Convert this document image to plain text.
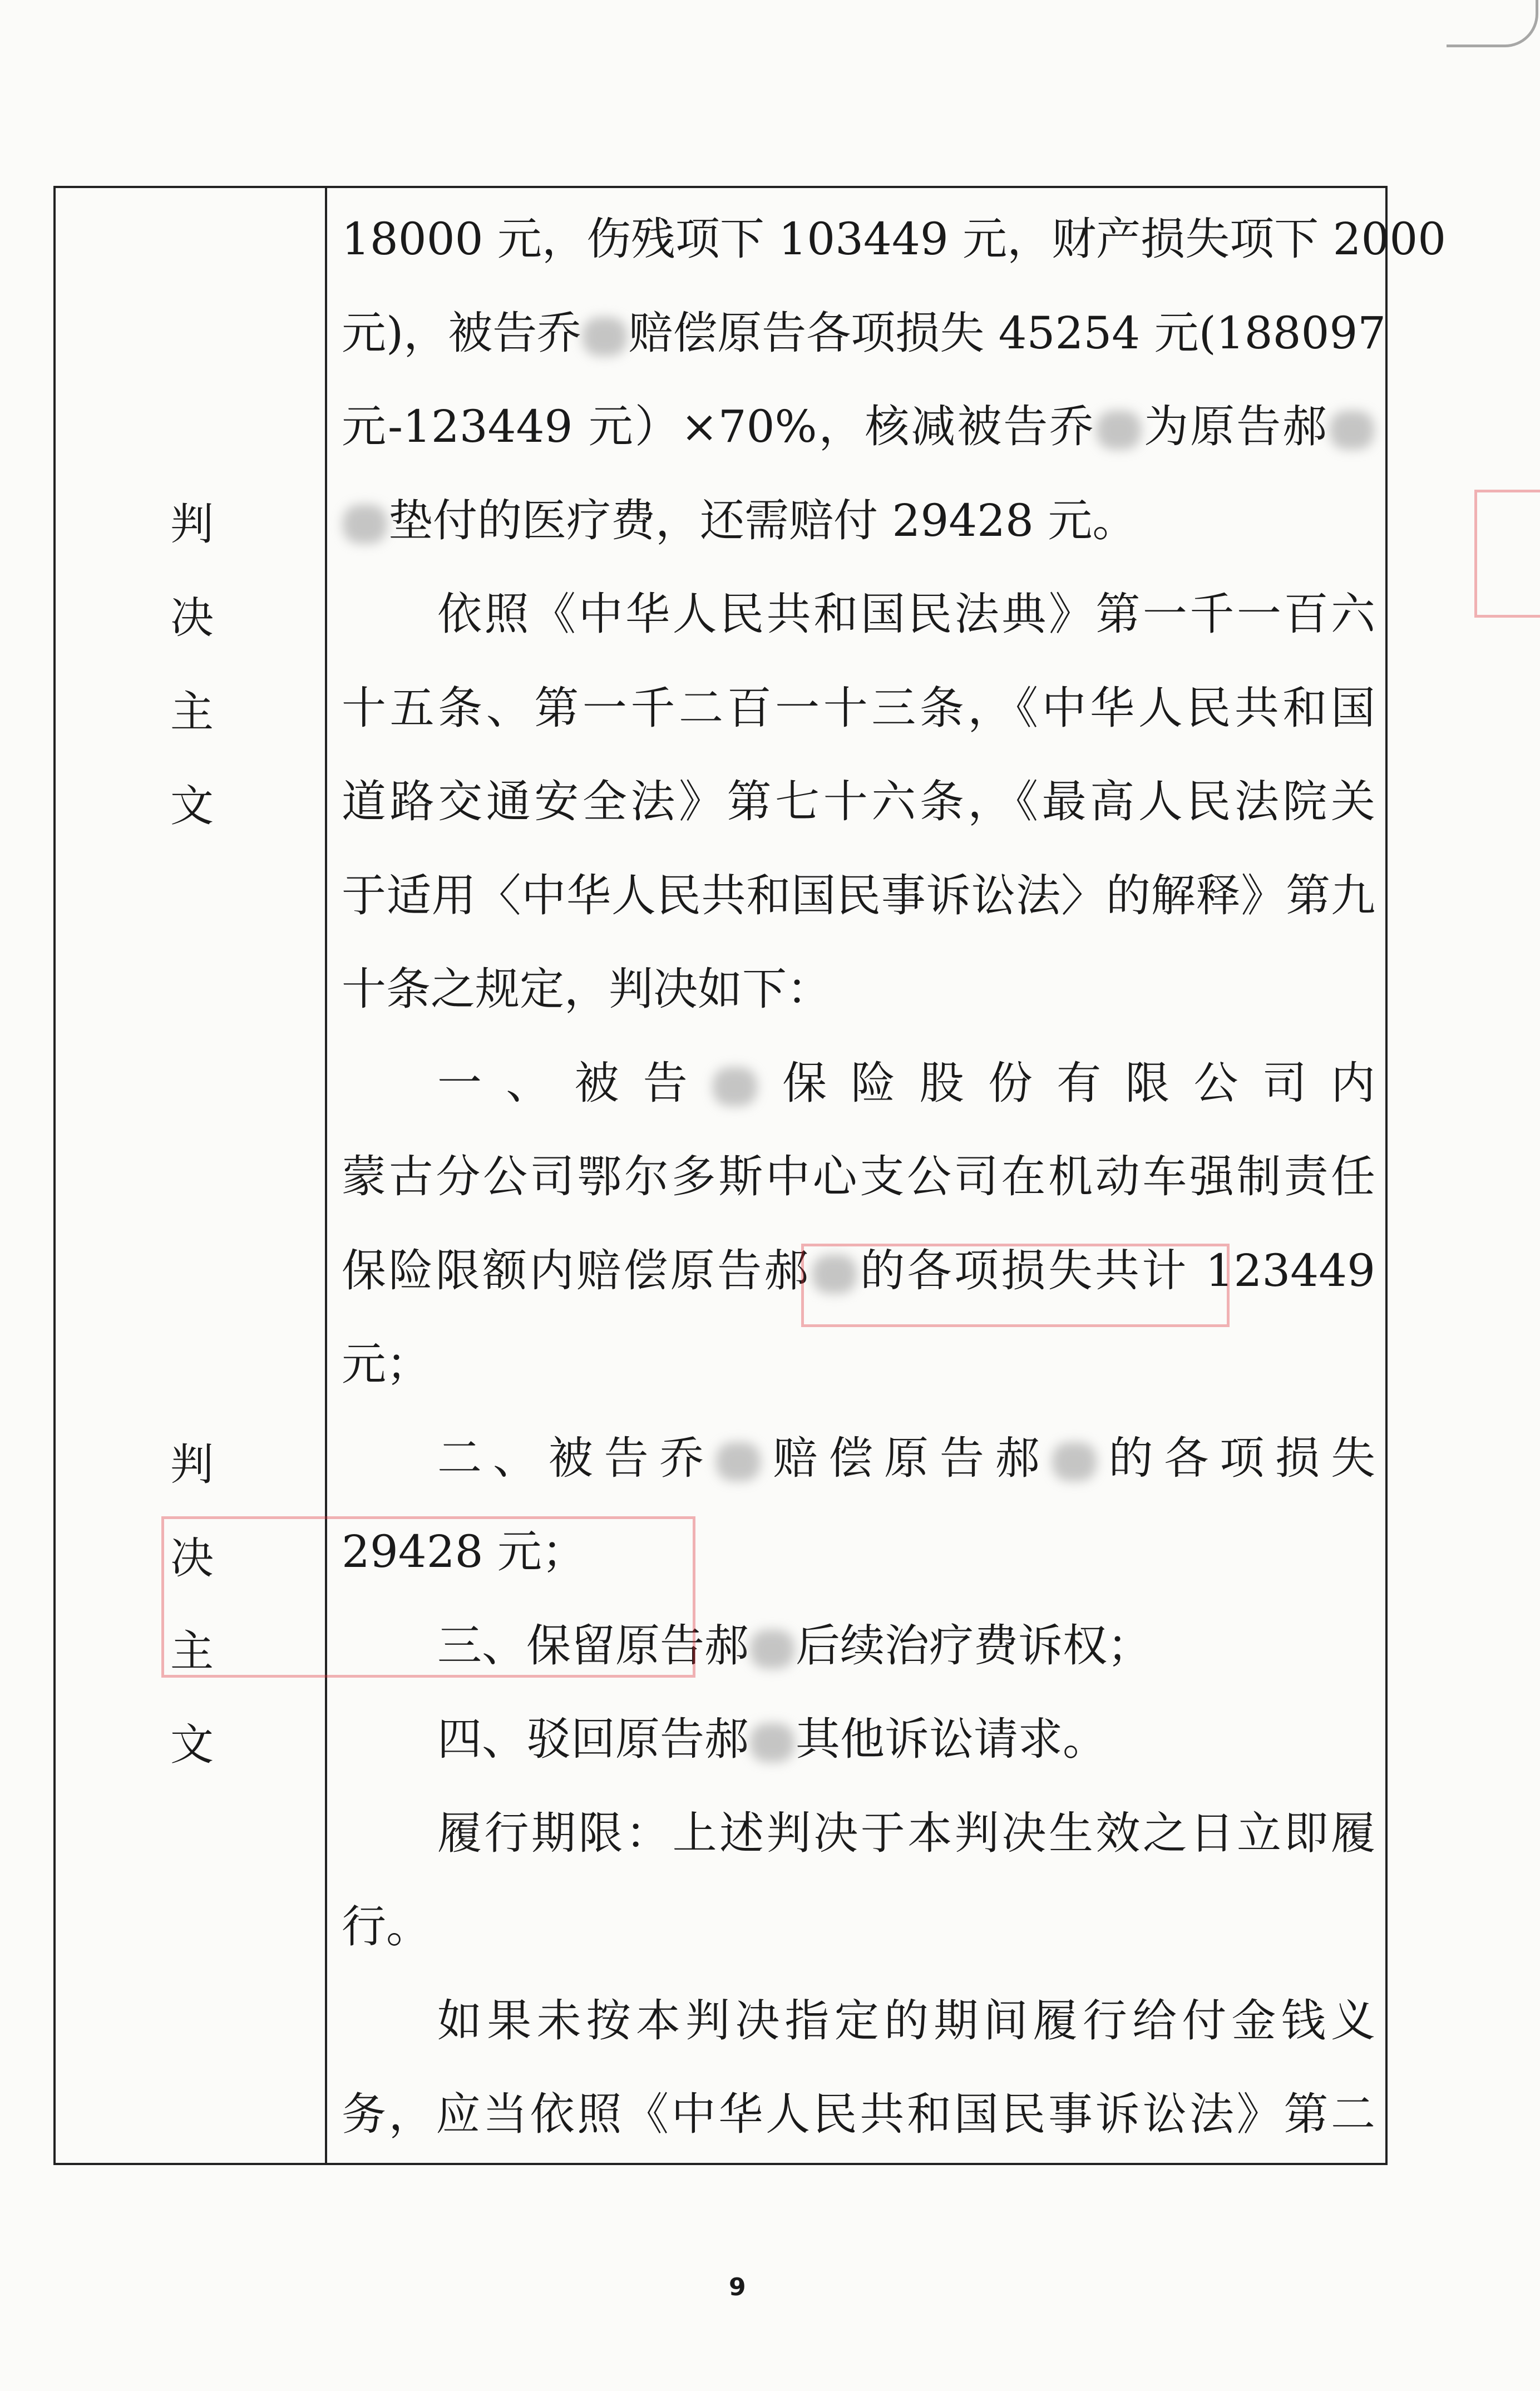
判
决
主
文
判
决
主
文
18000 元，伤残项下 103449 元，财产损失项下 2000
元)，被告乔 赔偿原告各项损失 45254 元(188097
元-123449 元）×70%，核减被告乔 为原告郝
垫付的医疗费，还需赔付 29428 元。
依照《中华人民共和国民法典》第一千一百六
十五条、第一千二百一十三条，《中华人民共和国
道路交通安全法》第七十六条，《最高人民法院关
于适用〈中华人民共和国民事诉讼法〉的解释》第九
十条之规定，判决如下：
一、被告 保险股份有限公司内
蒙古分公司鄂尔多斯中心支公司在机动车强制责任
保险限额内赔偿原告郝 的各项损失共计 123449
元；
二、被告乔 赔偿原告郝 的各项损失
29428 元；
三、保留原告郝 后续治疗费诉权；
四、驳回原告郝 其他诉讼请求。
履行期限：上述判决于本判决生效之日立即履
行。
如果未按本判决指定的期间履行给付金钱义
务，应当依照《中华人民共和国民事诉讼法》第二
9
